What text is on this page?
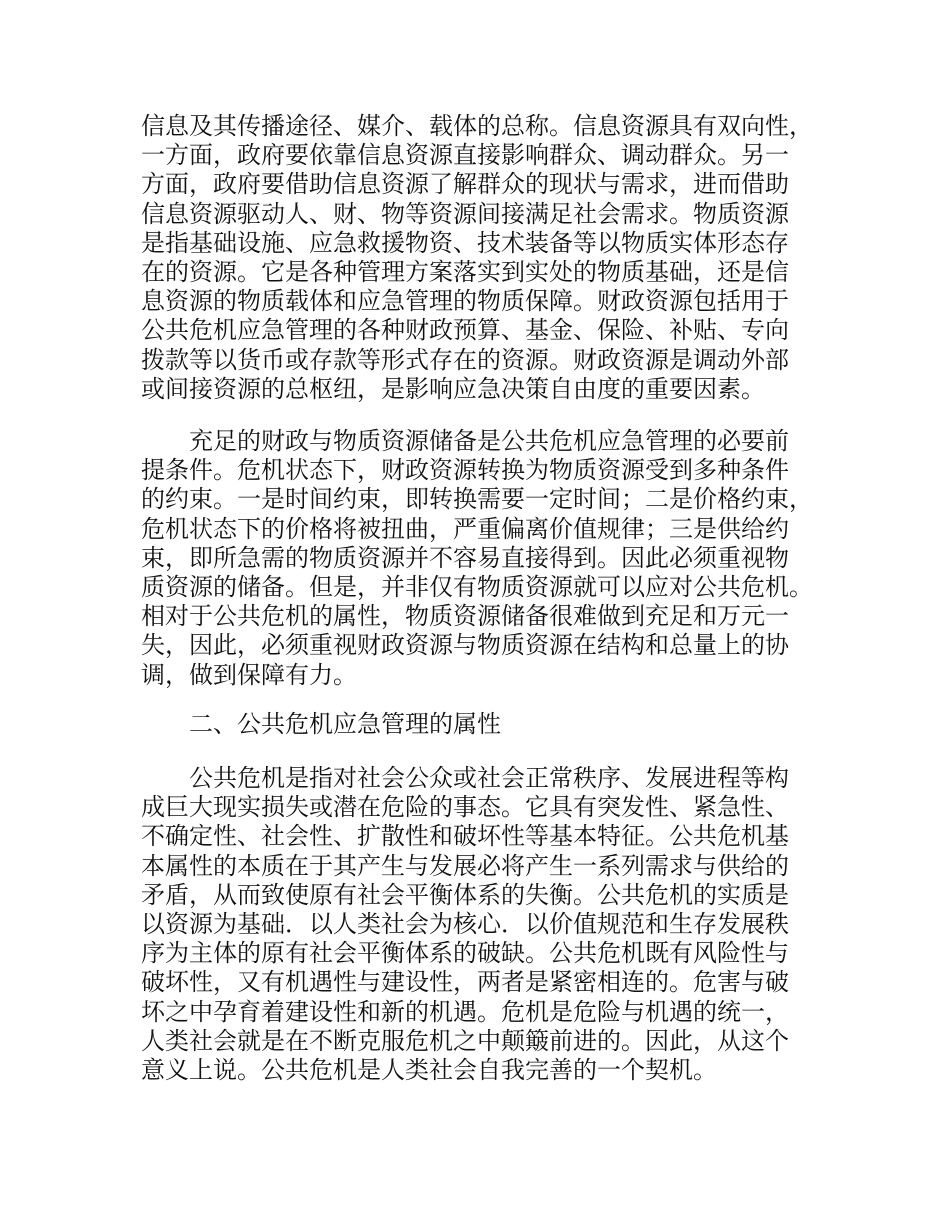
信息及其传播途径、媒介、载体的总称。信息资源具有双向性，
一方面，政府要依靠信息资源直接影响群众、调动群众。另一
方面，政府要借助信息资源了解群众的现状与需求，进而借助
信息资源驱动人、财、物等资源间接满足社会需求。物质资源
是指基础设施、应急救援物资、技术装备等以物质实体形态存
在的资源。它是各种管理方案落实到实处的物质基础，还是信
息资源的物质载体和应急管理的物质保障。财政资源包括用于
公共危机应急管理的各种财政预算、基金、保险、补贴、专向
拨款等以货币或存款等形式存在的资源。财政资源是调动外部
或间接资源的总枢纽，是影响应急决策自由度的重要因素。
　　充足的财政与物质资源储备是公共危机应急管理的必要前
提条件。危机状态下，财政资源转换为物质资源受到多种条件
的约束。一是时间约束，即转换需要一定时间；二是价格约束，
危机状态下的价格将被扭曲，严重偏离价值规律；三是供给约
束，即所急需的物质资源并不容易直接得到。因此必须重视物
质资源的储备。但是，并非仅有物质资源就可以应对公共危机。
相对于公共危机的属性，物质资源储备很难做到充足和万元一
失，因此，必须重视财政资源与物质资源在结构和总量上的协
调，做到保障有力。
　　二、公共危机应急管理的属性
　　公共危机是指对社会公众或社会正常秩序、发展进程等构
成巨大现实损失或潜在危险的事态。它具有突发性、紧急性、
不确定性、社会性、扩散性和破坏性等基本特征。公共危机基
本属性的本质在于其产生与发展必将产生一系列需求与供给的
矛盾，从而致使原有社会平衡体系的失衡。公共危机的实质是
以资源为基础．以人类社会为核心．以价值规范和生存发展秩
序为主体的原有社会平衡体系的破缺。公共危机既有风险性与
破坏性，又有机遇性与建设性，两者是紧密相连的。危害与破
坏之中孕育着建设性和新的机遇。危机是危险与机遇的统一，
人类社会就是在不断克服危机之中颠簸前进的。因此，从这个
意义上说。公共危机是人类社会自我完善的一个契机。
